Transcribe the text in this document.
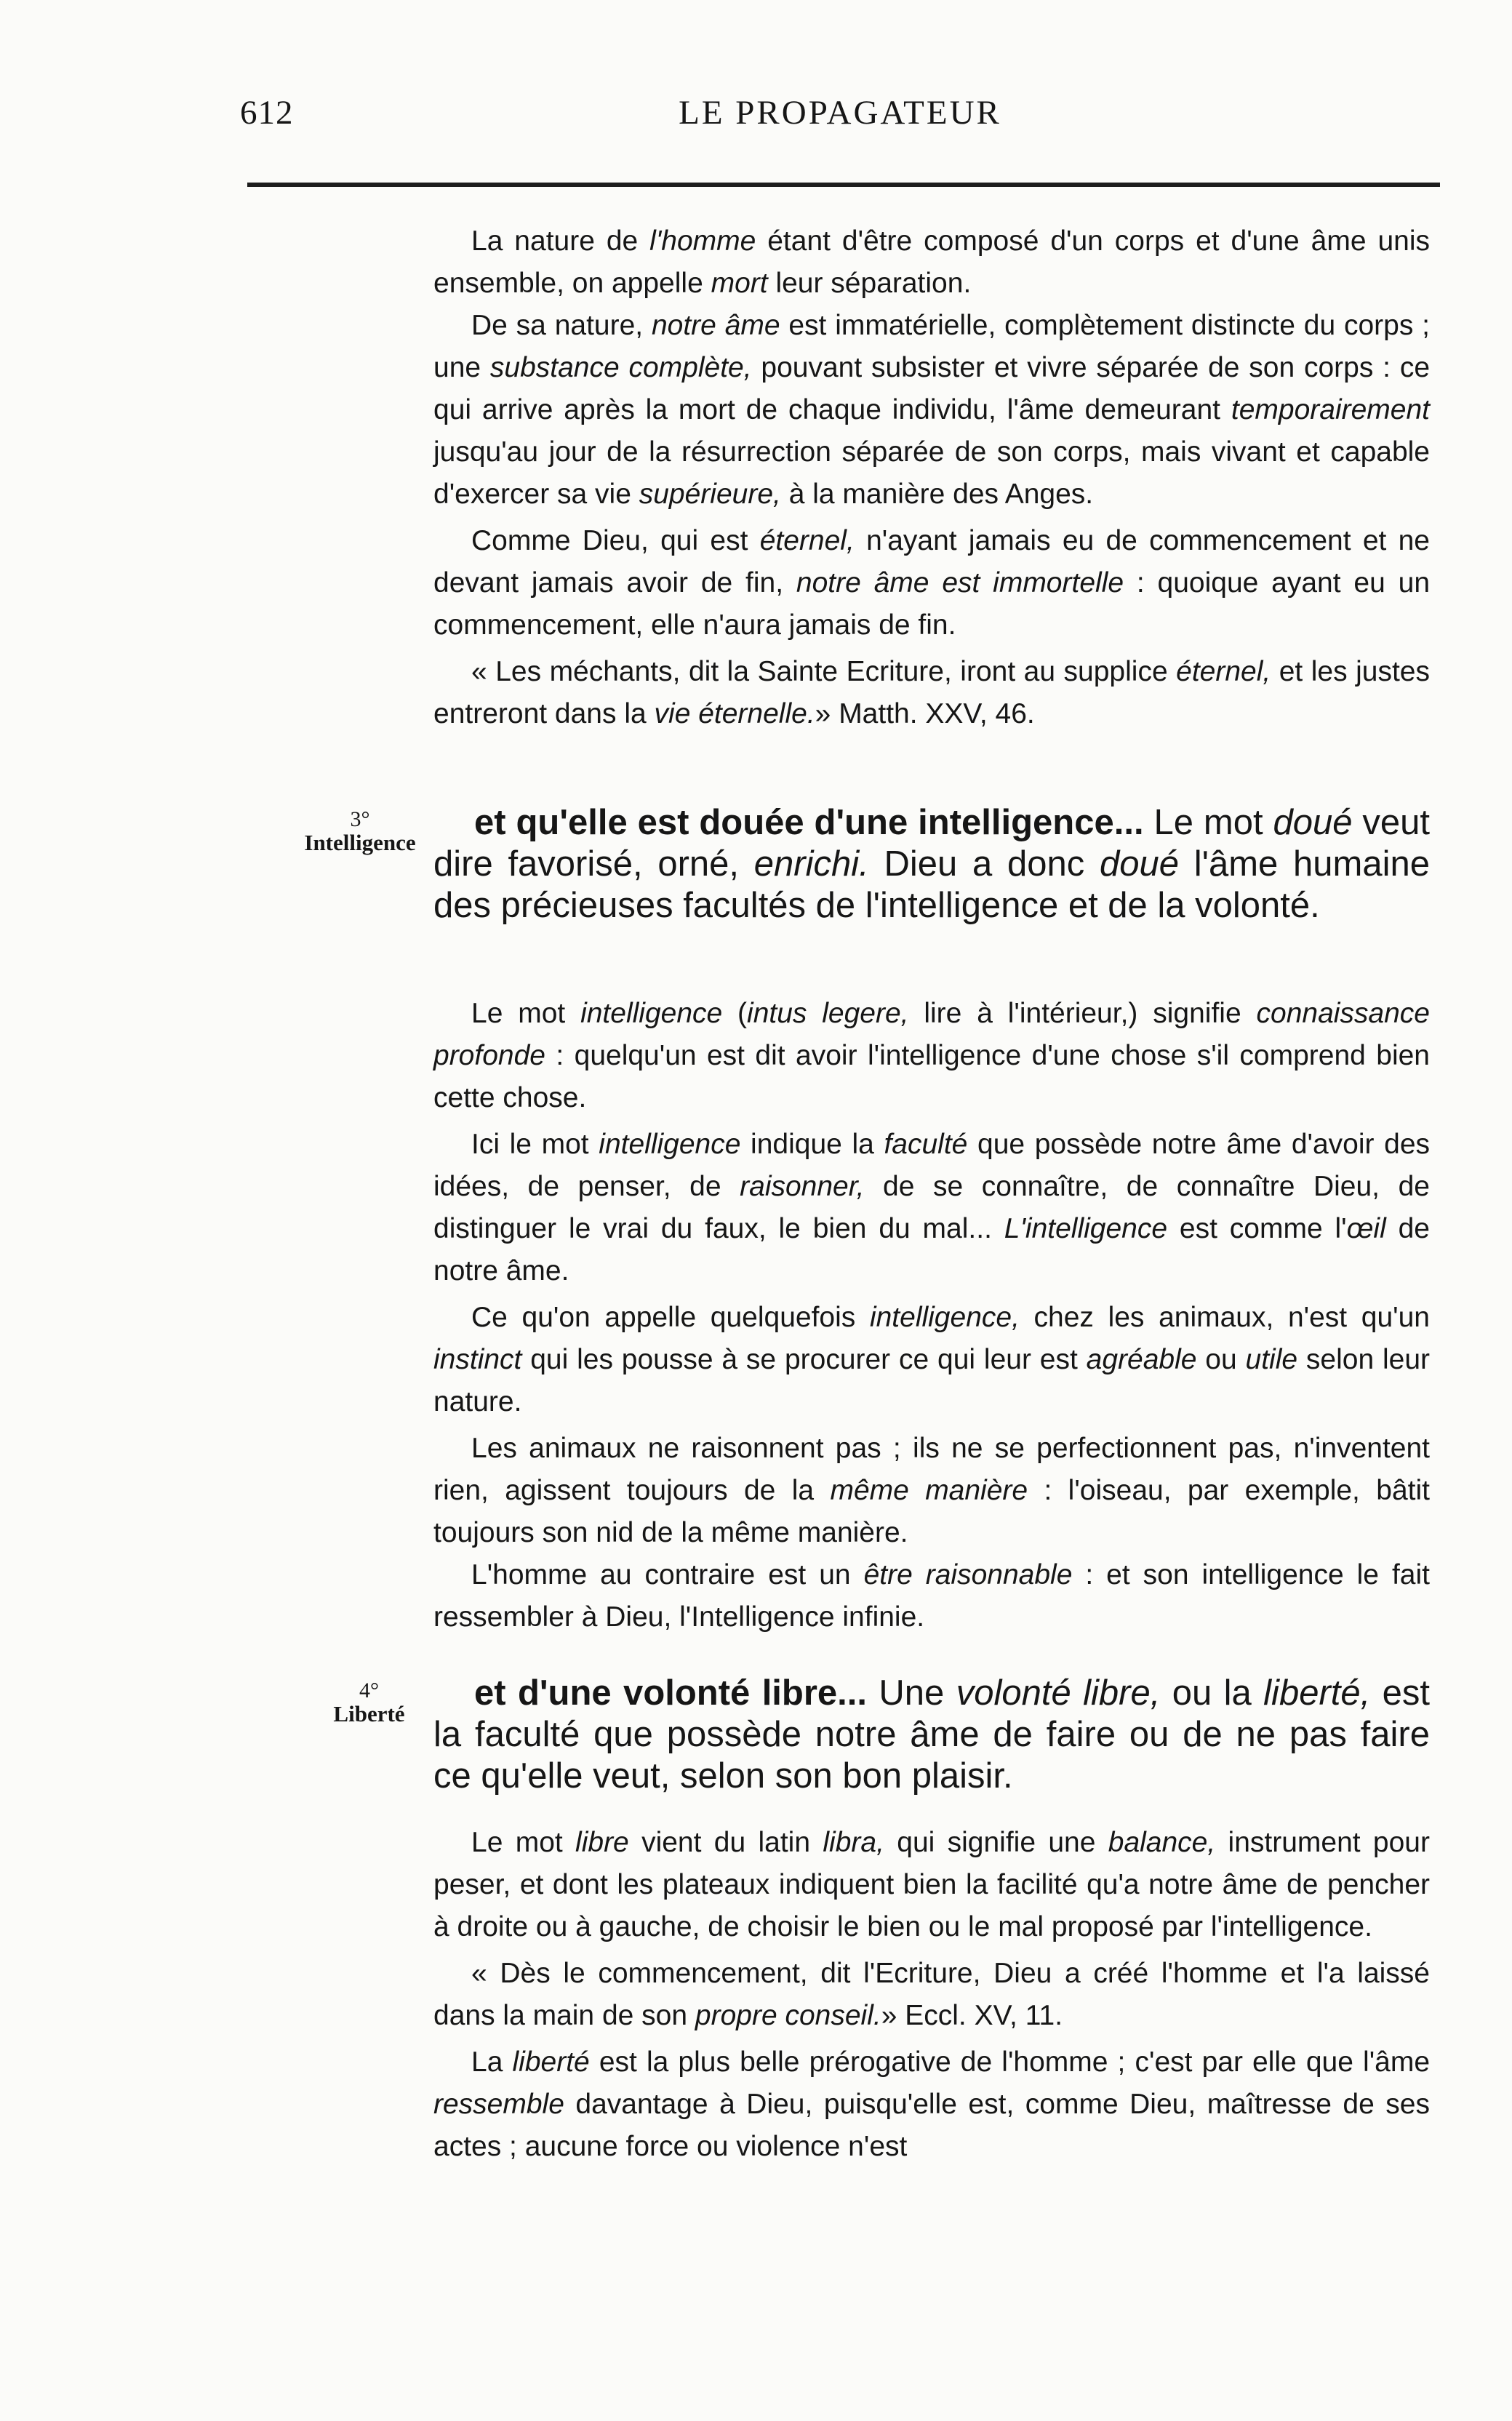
612	LE PROPAGATEUR

La nature de l'homme étant d'être composé d'un corps et d'une âme unis ensemble, on appelle mort leur séparation.

De sa nature, notre âme est immatérielle, complètement distincte du corps ; une substance complète, pouvant subsister et vivre séparée de son corps : ce qui arrive après la mort de chaque individu, l'âme demeurant temporairement jusqu'au jour de la résurrection séparée de son corps, mais vivant et capable d'exercer sa vie supérieure, à la manière des Anges.

Comme Dieu, qui est éternel, n'ayant jamais eu de commencement et ne devant jamais avoir de fin, notre âme est immortelle : quoique ayant eu un commencement, elle n'aura jamais de fin.

« Les méchants, dit la Sainte Ecriture, iront au supplice éternel, et les justes entreront dans la vie éternelle.» Matth. XXV, 46.

3°
Intelligence
et qu'elle est douée d'une intelligence... Le mot doué veut dire favorisé, orné, enrichi. Dieu a donc doué l'âme humaine des précieuses facultés de l'intelligence et de la volonté.

Le mot intelligence (intus legere, lire à l'intérieur,) signifie connaissance profonde : quelqu'un est dit avoir l'intelligence d'une chose s'il comprend bien cette chose.

Ici le mot intelligence indique la faculté que possède notre âme d'avoir des idées, de penser, de raisonner, de se connaître, de connaître Dieu, de distinguer le vrai du faux, le bien du mal... L'intelligence est comme l'œil de notre âme.

Ce qu'on appelle quelquefois intelligence, chez les animaux, n'est qu'un instinct qui les pousse à se procurer ce qui leur est agréable ou utile selon leur nature.

Les animaux ne raisonnent pas ; ils ne se perfectionnent pas, n'inventent rien, agissent toujours de la même manière : l'oiseau, par exemple, bâtit toujours son nid de la même manière.

L'homme au contraire est un être raisonnable : et son intelligence le fait ressembler à Dieu, l'Intelligence infinie.

4°
Liberté
et d'une volonté libre... Une volonté libre, ou la liberté, est la faculté que possède notre âme de faire ou de ne pas faire ce qu'elle veut, selon son bon plaisir.

Le mot libre vient du latin libra, qui signifie une balance, instrument pour peser, et dont les plateaux indiquent bien la facilité qu'a notre âme de pencher à droite ou à gauche, de choisir le bien ou le mal proposé par l'intelligence.

« Dès le commencement, dit l'Ecriture, Dieu a créé l'homme et l'a laissé dans la main de son propre conseil.» Eccl. XV, 11.

La liberté est la plus belle prérogative de l'homme ; c'est par elle que l'âme ressemble davantage à Dieu, puisqu'elle est, comme Dieu, maîtresse de ses actes ; aucune force ou violence n'est
